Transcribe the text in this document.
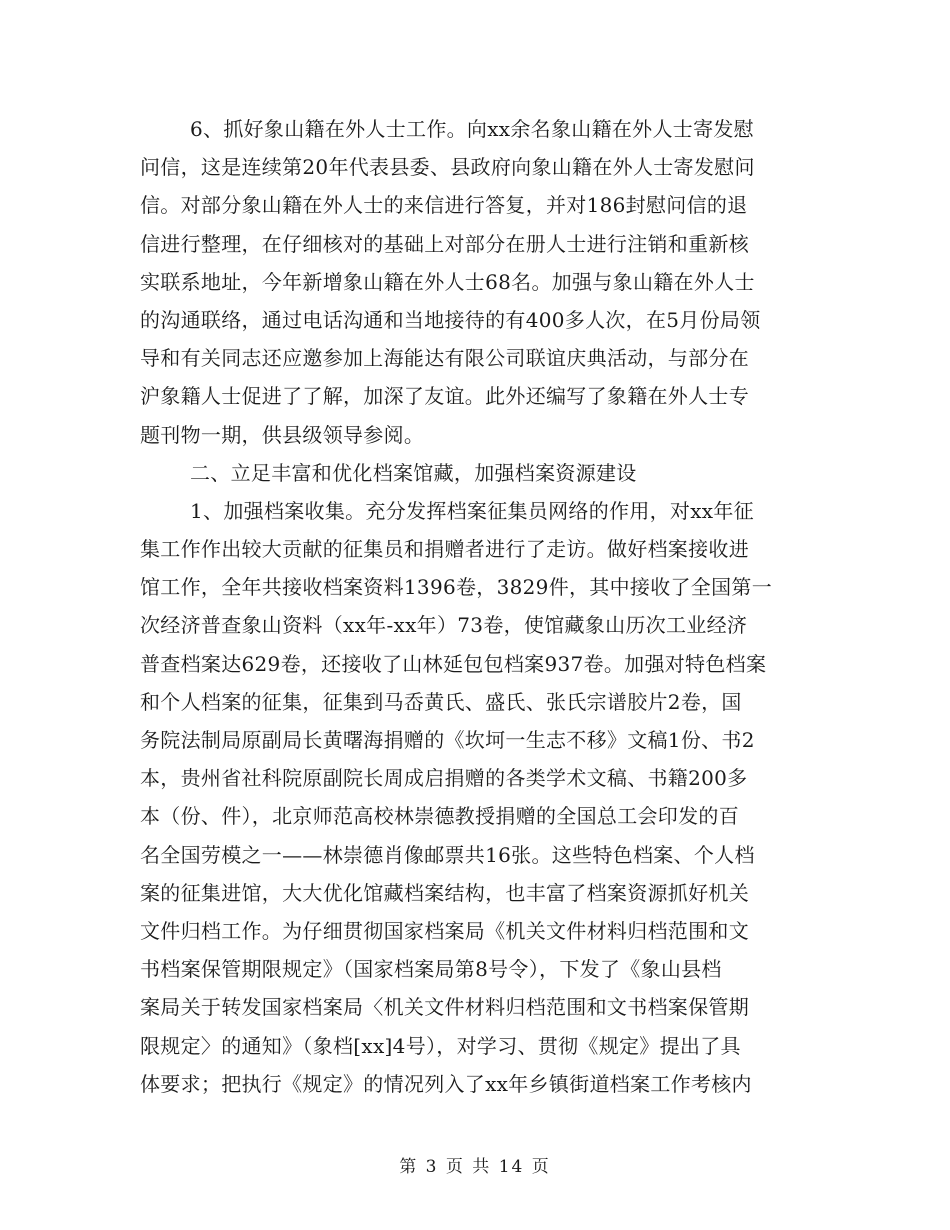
6、抓好象山籍在外人士工作。向xx余名象山籍在外人士寄发慰
问信，这是连续第20年代表县委、县政府向象山籍在外人士寄发慰问
信。对部分象山籍在外人士的来信进行答复，并对186封慰问信的退
信进行整理，在仔细核对的基础上对部分在册人士进行注销和重新核
实联系地址，今年新增象山籍在外人士68名。加强与象山籍在外人士
的沟通联络，通过电话沟通和当地接待的有400多人次，在5月份局领
导和有关同志还应邀参加上海能达有限公司联谊庆典活动，与部分在
沪象籍人士促进了了解，加深了友谊。此外还编写了象籍在外人士专
题刊物一期，供县级领导参阅。
二、立足丰富和优化档案馆藏，加强档案资源建设
1、加强档案收集。充分发挥档案征集员网络的作用，对xx年征
集工作作出较大贡献的征集员和捐赠者进行了走访。做好档案接收进
馆工作，全年共接收档案资料1396卷，3829件，其中接收了全国第一
次经济普查象山资料（xx年-xx年）73卷，使馆藏象山历次工业经济
普查档案达629卷，还接收了山林延包包档案937卷。加强对特色档案
和个人档案的征集，征集到马岙黄氏、盛氏、张氏宗谱胶片2卷，国
务院法制局原副局长黄曙海捐赠的《坎坷一生志不移》文稿1份、书2
本，贵州省社科院原副院长周成启捐赠的各类学术文稿、书籍200多
本（份、件），北京师范高校林崇德教授捐赠的全国总工会印发的百
名全国劳模之一——林崇德肖像邮票共16张。这些特色档案、个人档
案的征集进馆，大大优化馆藏档案结构，也丰富了档案资源抓好机关
文件归档工作。为仔细贯彻国家档案局《机关文件材料归档范围和文
书档案保管期限规定》（国家档案局第8号令），下发了《象山县档
案局关于转发国家档案局〈机关文件材料归档范围和文书档案保管期
限规定〉的通知》（象档[xx]4号），对学习、贯彻《规定》提出了具
体要求；把执行《规定》的情况列入了xx年乡镇街道档案工作考核内
第 3 页 共 14 页
